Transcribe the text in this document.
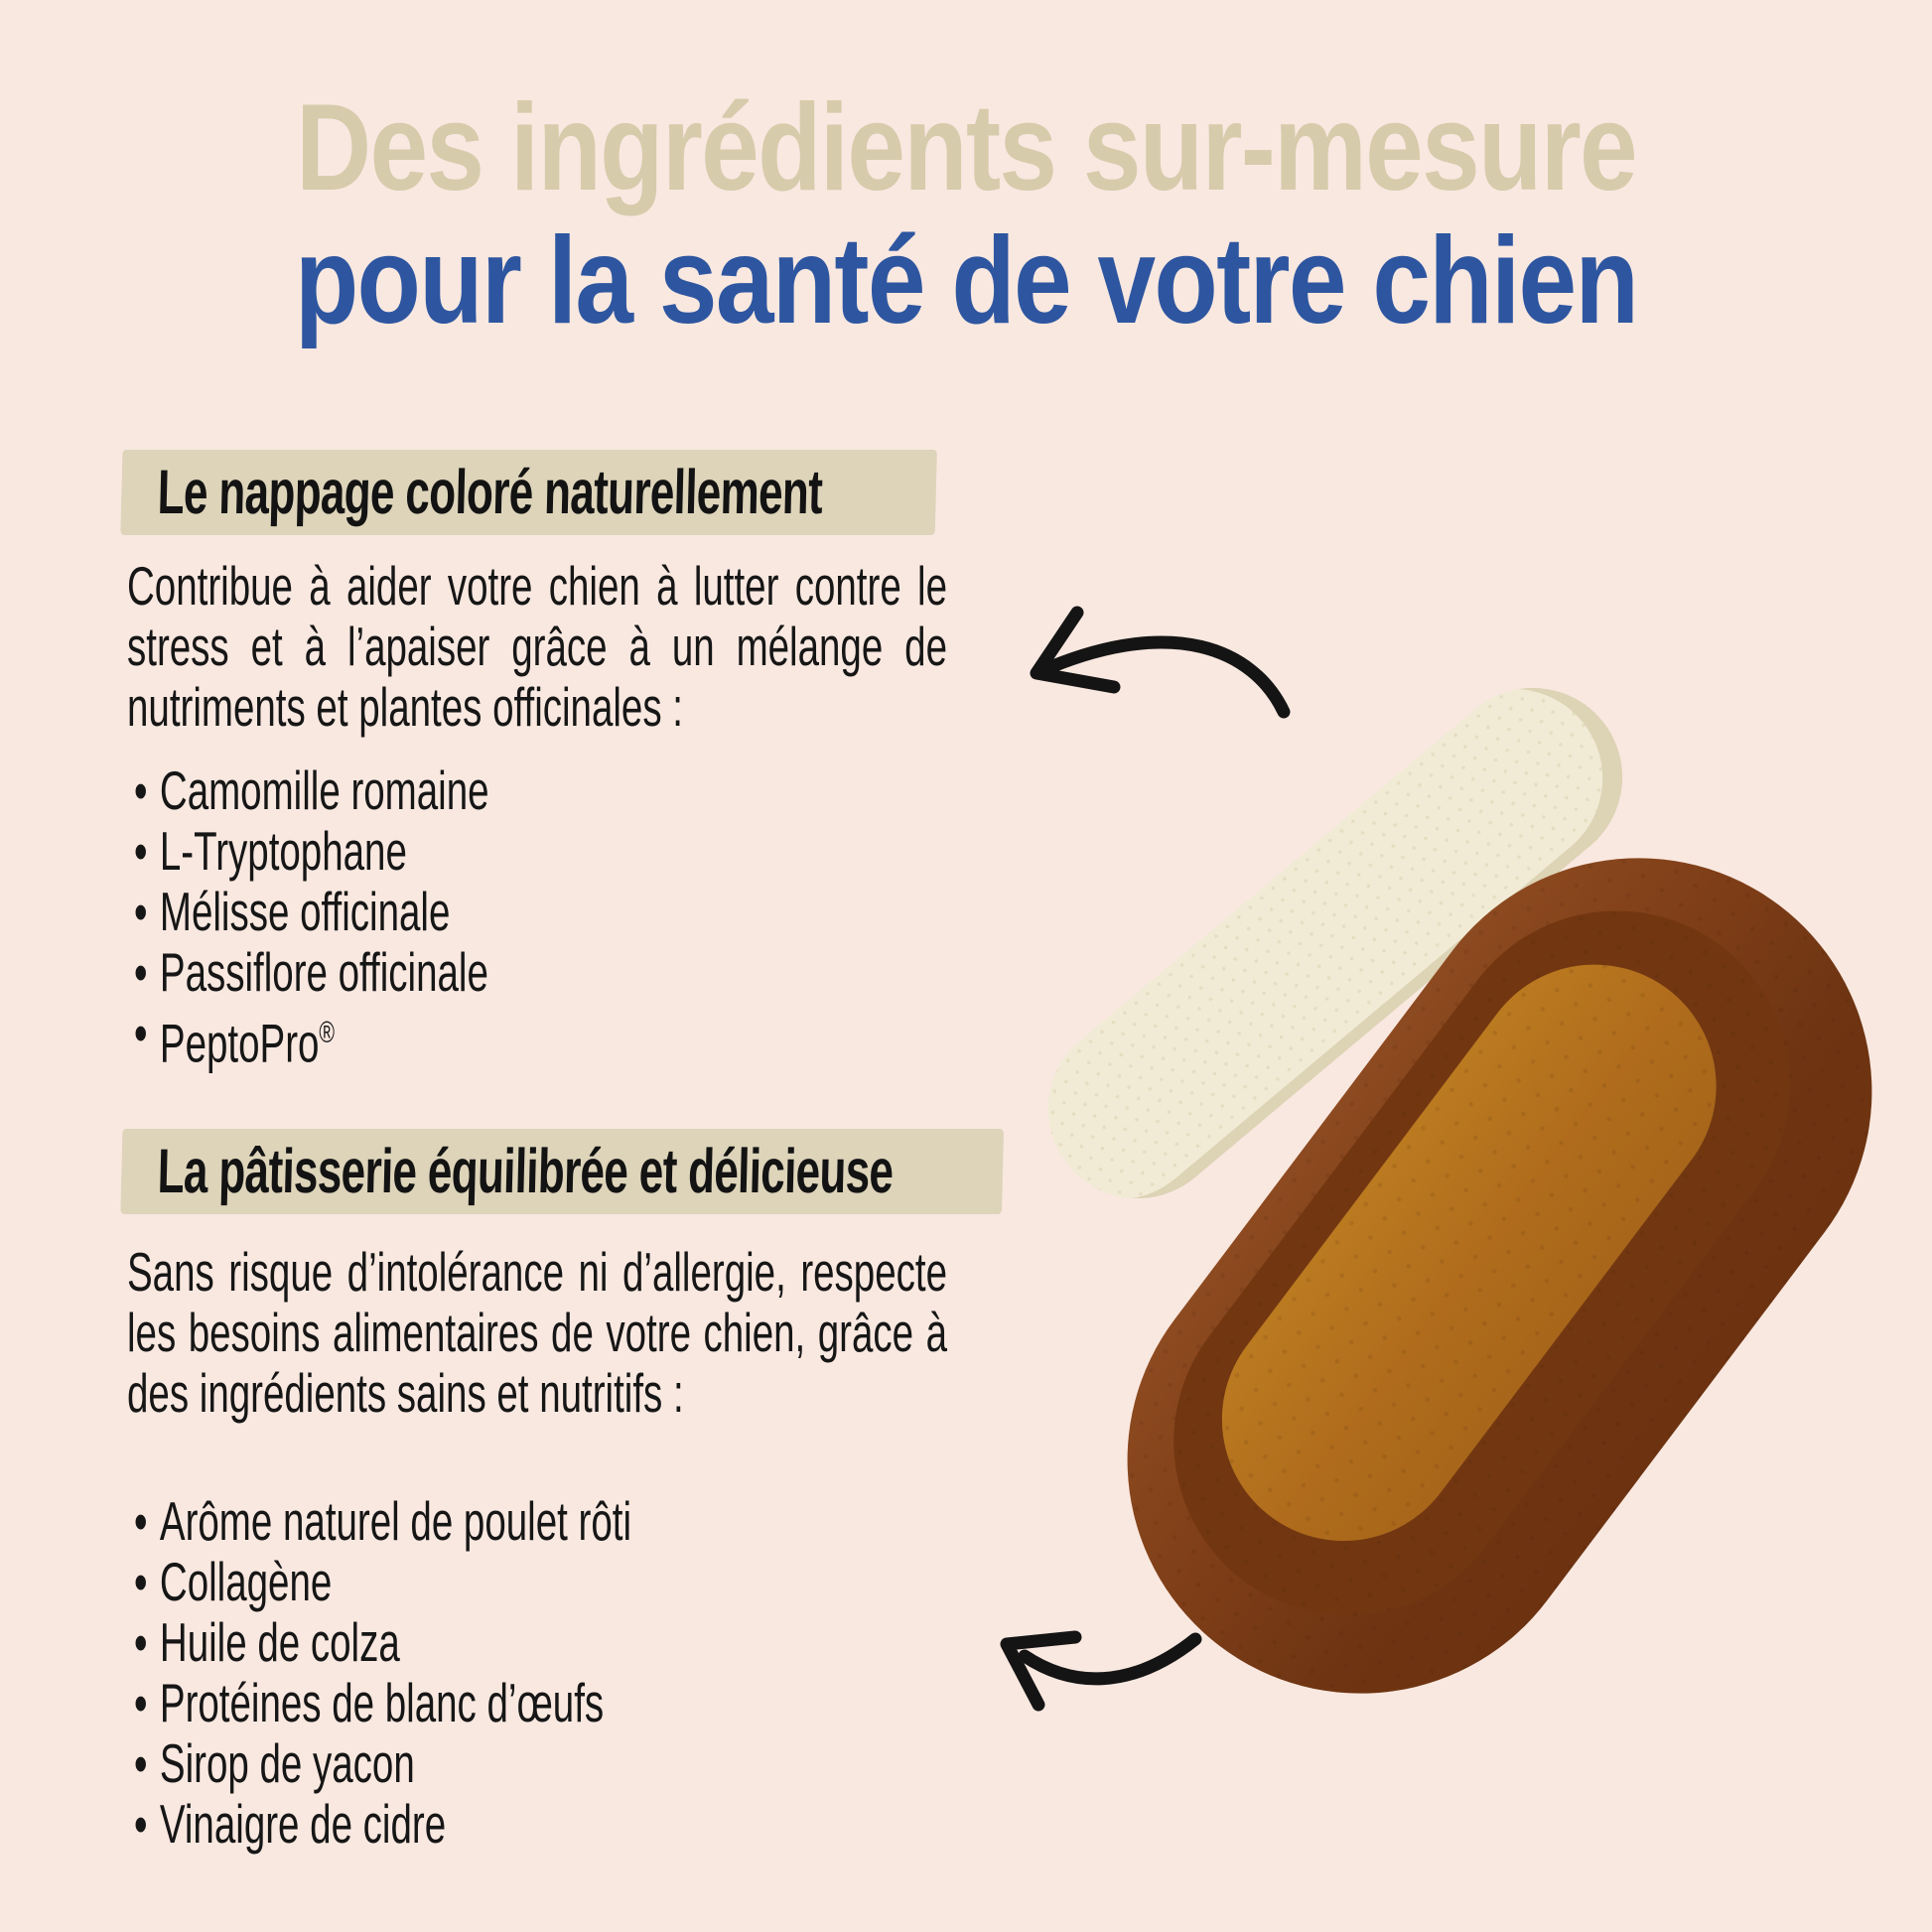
Des ingrédients sur-mesure
pour la santé de votre chien
Le nappage coloré naturellement

Contribue à aider votre chien à lutter contre le stress et à l’apaiser grâce à un mélange de nutriments et plantes officinales :

• Camomille romaine
• L-Tryptophane
• Mélisse officinale
• Passiflore officinale
• PeptoPro®
La pâtisserie équilibrée et délicieuse

Sans risque d’intolérance ni d’allergie, respecte les besoins alimentaires de votre chien, grâce à des ingrédients sains et nutritifs :

• Arôme naturel de poulet rôti
• Collagène
• Huile de colza
• Protéines de blanc d’œufs
• Sirop de yacon
• Vinaigre de cidre
